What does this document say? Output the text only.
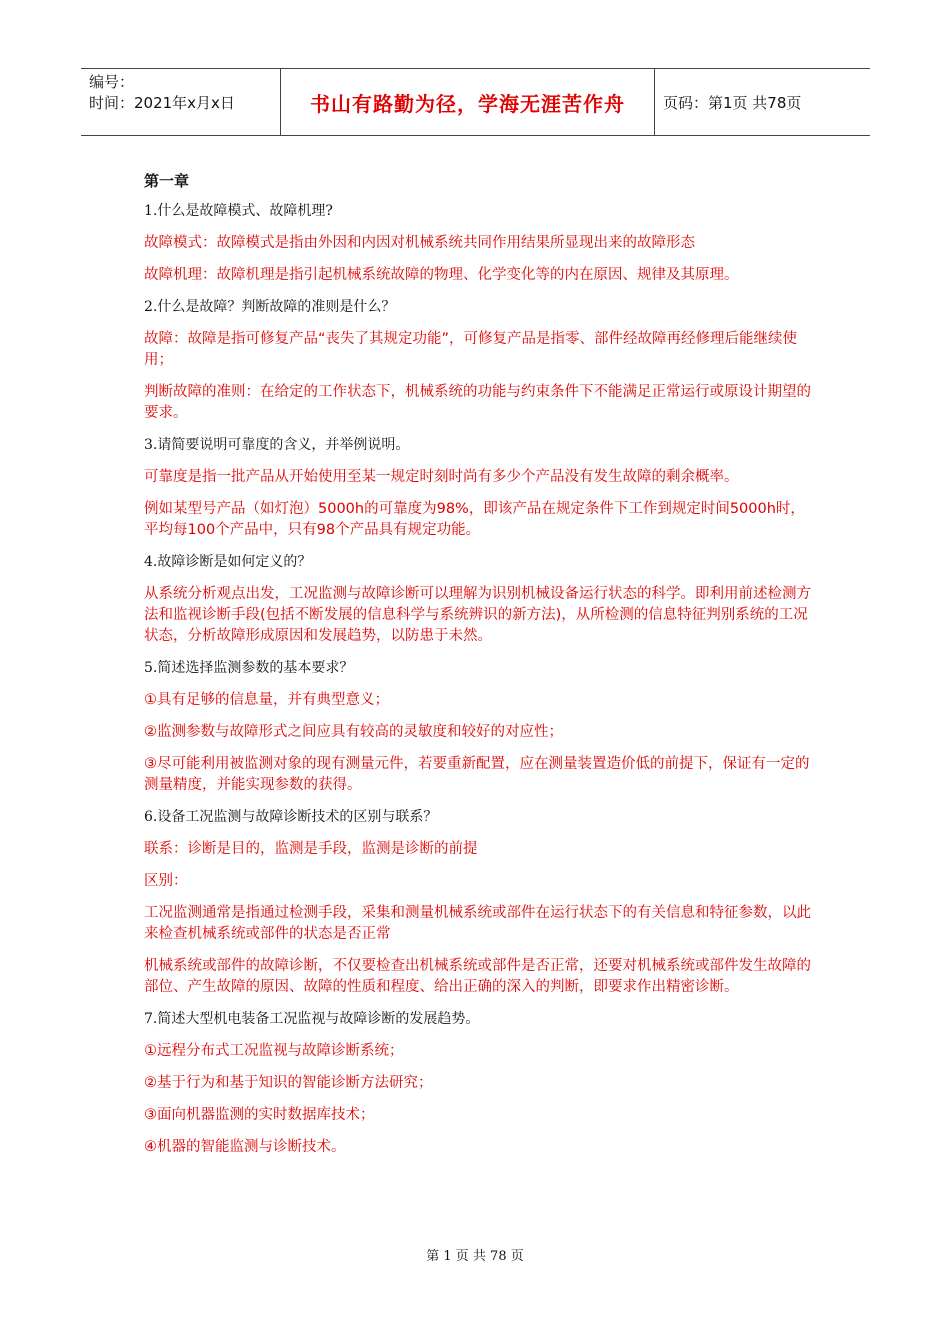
编号：
时间：2021年x月x日	书山有路勤为径，学海无涯苦作舟	页码：第1页 共78页
第一章
1.什么是故障模式、故障机理?
故障模式：故障模式是指由外因和内因对机械系统共同作用结果所显现出来的故障形态
故障机理：故障机理是指引起机械系统故障的物理、化学变化等的内在原因、规律及其原理。
2.什么是故障？判断故障的准则是什么？
故障：故障是指可修复产品“丧失了其规定功能”，可修复产品是指零、部件经故障再经修理后能继续使用；
判断故障的准则：在给定的工作状态下，机械系统的功能与约束条件下不能满足正常运行或原设计期望的要求。
3.请简要说明可靠度的含义，并举例说明。
可靠度是指一批产品从开始使用至某一规定时刻时尚有多少个产品没有发生故障的剩余概率。
例如某型号产品（如灯泡）5000h的可靠度为98%，即该产品在规定条件下工作到规定时间5000h时，平均每100个产品中，只有98个产品具有规定功能。
4.故障诊断是如何定义的？
从系统分析观点出发，工况监测与故障诊断可以理解为识别机械设备运行状态的科学。即利用前述检测方法和监视诊断手段(包括不断发展的信息科学与系统辨识的新方法)，从所检测的信息特征判别系统的工况状态，分析故障形成原因和发展趋势，以防患于未然。
5.简述选择监测参数的基本要求？
①具有足够的信息量，并有典型意义；
②监测参数与故障形式之间应具有较高的灵敏度和较好的对应性；
③尽可能利用被监测对象的现有测量元件，若要重新配置，应在测量装置造价低的前提下，保证有一定的测量精度，并能实现参数的获得。
6.设备工况监测与故障诊断技术的区别与联系？
联系：诊断是目的，监测是手段，监测是诊断的前提
区别：
工况监测通常是指通过检测手段，采集和测量机械系统或部件在运行状态下的有关信息和特征参数，以此来检查机械系统或部件的状态是否正常
机械系统或部件的故障诊断，不仅要检查出机械系统或部件是否正常，还要对机械系统或部件发生故障的部位、产生故障的原因、故障的性质和程度、给出正确的深入的判断，即要求作出精密诊断。
7.简述大型机电装备工况监视与故障诊断的发展趋势。
①远程分布式工况监视与故障诊断系统；
②基于行为和基于知识的智能诊断方法研究；
③面向机器监测的实时数据库技术；
④机器的智能监测与诊断技术。
第 1 页 共 78 页
